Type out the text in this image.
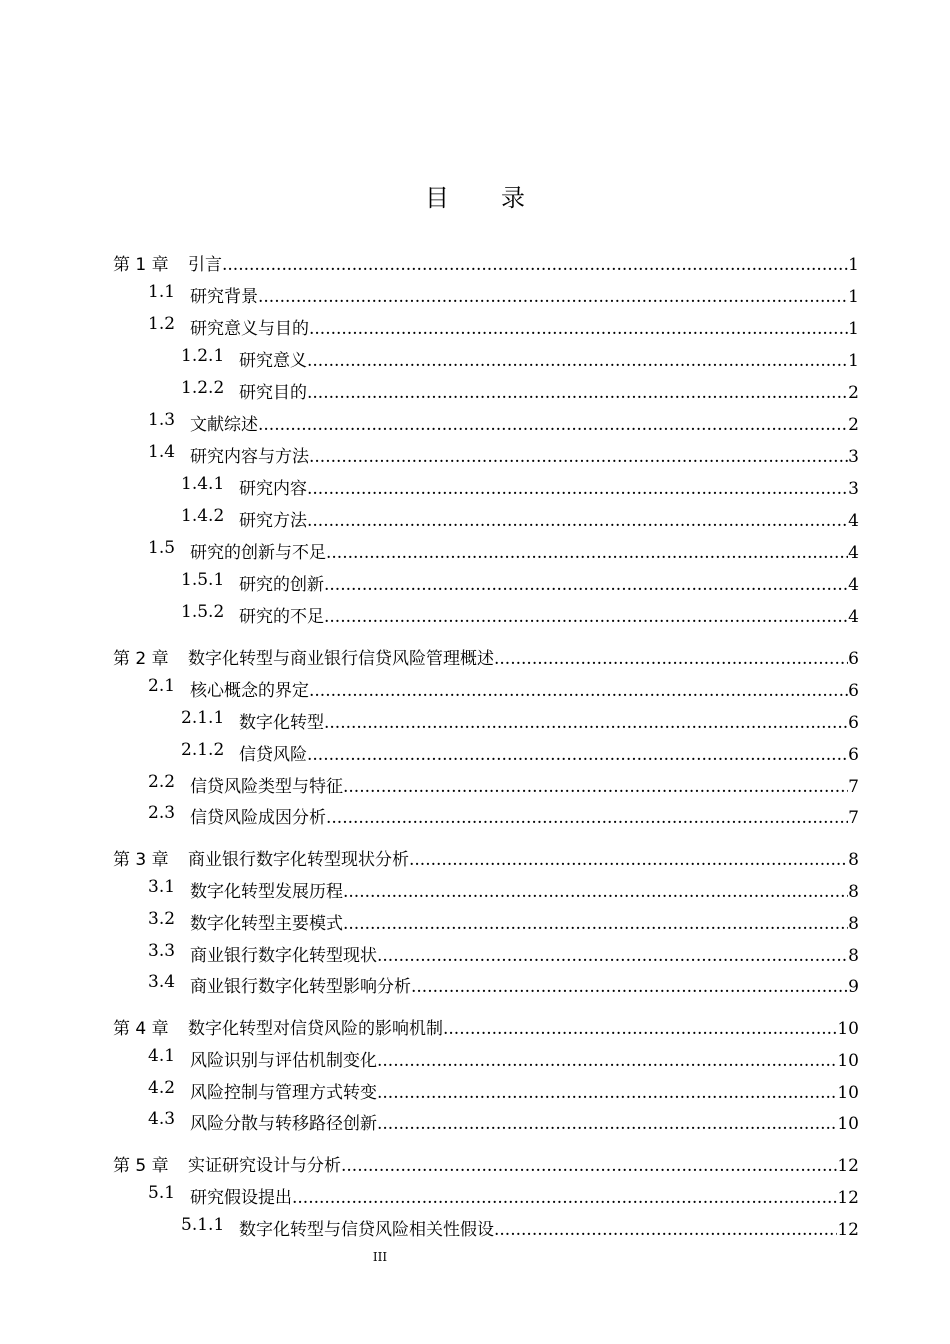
目 录
第 1 章 引言 .....	1
1.1 研究背景 .....	1
1.2 研究意义与目的 .....	1
1.2.1 研究意义 .....	1
1.2.2 研究目的 .....	2
1.3 文献综述 .....	2
1.4 研究内容与方法 .....	3
1.4.1 研究内容 .....	3
1.4.2 研究方法 .....	4
1.5 研究的创新与不足 .....	4
1.5.1 研究的创新 .....	4
1.5.2 研究的不足 .....	4
第 2 章 数字化转型与商业银行信贷风险管理概述 .....	6
2.1 核心概念的界定 .....	6
2.1.1 数字化转型 .....	6
2.1.2 信贷风险 .....	6
2.2 信贷风险类型与特征 .....	7
2.3 信贷风险成因分析 .....	7
第 3 章 商业银行数字化转型现状分析 .....	8
3.1 数字化转型发展历程 .....	8
3.2 数字化转型主要模式 .....	8
3.3 商业银行数字化转型现状 .....	8
3.4 商业银行数字化转型影响分析 .....	9
第 4 章 数字化转型对信贷风险的影响机制 .....	10
4.1 风险识别与评估机制变化 .....	10
4.2 风险控制与管理方式转变 .....	10
4.3 风险分散与转移路径创新 .....	10
第 5 章 实证研究设计与分析 .....	12
5.1 研究假设提出 .....	12
5.1.1 数字化转型与信贷风险相关性假设 .....	12
III
